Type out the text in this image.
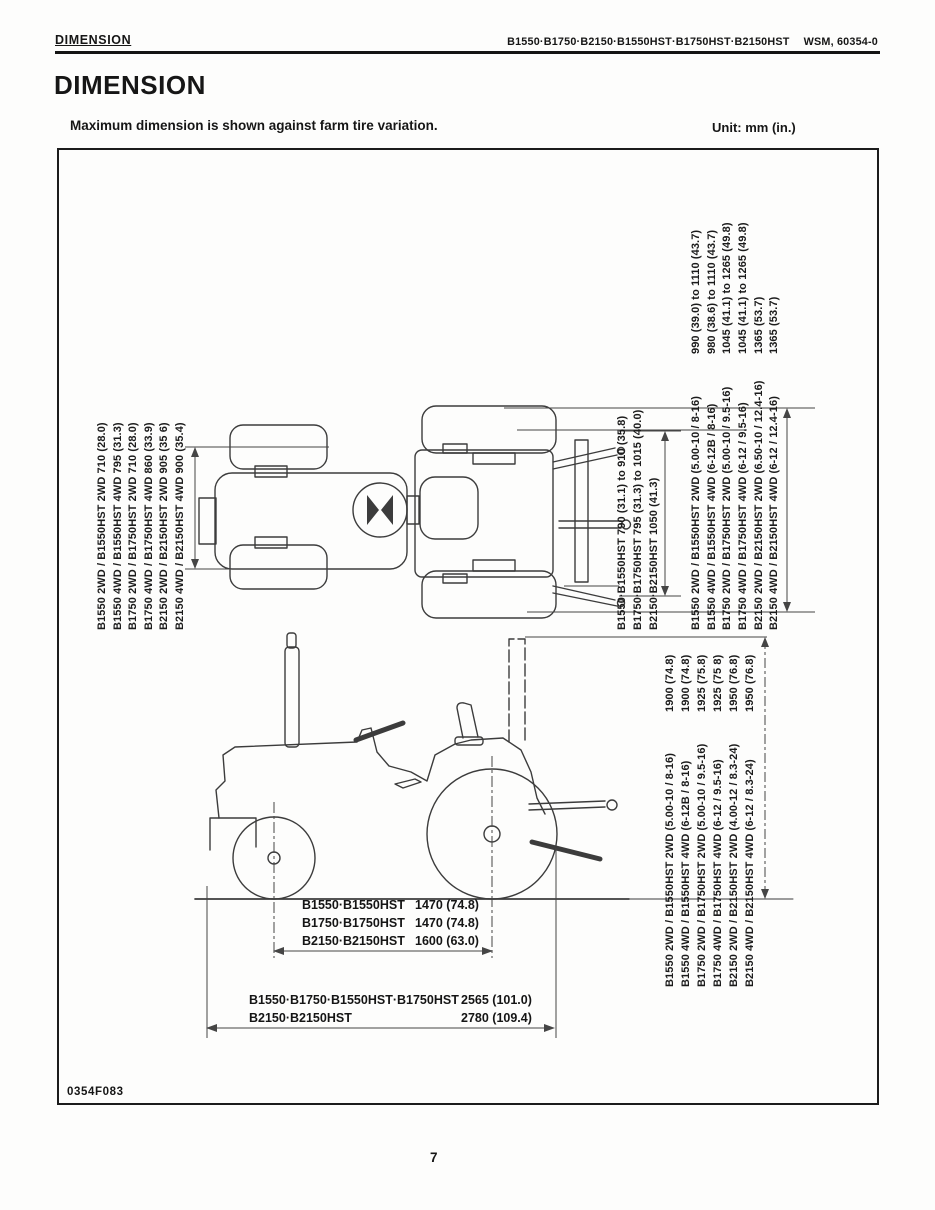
DIMENSION	B1550·B1750·B2150·B1550HST·B1750HST·B2150HST WSM, 60354-0
DIMENSION
Maximum dimension is shown against farm tire variation.	Unit: mm (in.)
B1550 2WD / B1550HST 2WD 710 (28.0) B1550 4WD / B1550HST 4WD 795 (31.3) B1750 2WD / B1750HST 2WD 710 (28.0) B1750 4WD / B1750HST 4WD 860 (33.9) B2150 2WD / B2150HST 2WD 905 (35 6) B2150 4WD / B2150HST 4WD 900 (35.4)	B1550·B1550HST 790 (31.1) to 910 (35.8) B1750·B1750HST 795 (31.3) to 1015 (40.0) B2150·B2150HST 1050 (41.3)	B1550 2WD / B1550HST 2WD (5.00-10 / 8-16) B1550 4WD / B1550HST 4WD (6-12B / 8-16) B1750 2WD / B1750HST 2WD (5.00-10 / 9.5-16) B1750 4WD / B1750HST 4WD (6-12 / 9.5-16) B2150 2WD / B2150HST 2WD (6.50-10 / 12.4-16) B2150 4WD / B2150HST 4WD (6-12 / 12.4-16)
990 (39.0) to 1110 (43.7) 980 (38.6) to 1110 (43.7) 1045 (41.1) to 1265 (49.8) 1045 (41.1) to 1265 (49.8) 1365 (53.7) 1365 (53.7)
B1550 2WD / B1550HST 2WD (5.00-10 / 8-16) B1550 4WD / B1550HST 4WD (6-12B / 8-16) B1750 2WD / B1750HST 2WD (5.00-10 / 9.5-16) B1750 4WD / B1750HST 4WD (6-12 / 9.5-16) B2150 2WD / B2150HST 2WD (4.00-12 / 8.3-24) B2150 4WD / B2150HST 4WD (6-12 / 8.3-24)
1900 (74.8) 1900 (74.8) 1925 (75.8) 1925 (75 8) 1950 (76.8) 1950 (76.8)
B1550·B1550HST 1470 (74.8)
B1750·B1750HST 1470 (74.8)
B2150·B2150HST 1600 (63.0)
B1550·B1750·B1550HST·B1750HST 2565 (101.0)
B2150·B2150HST	2780 (109.4)
0354F083
7
